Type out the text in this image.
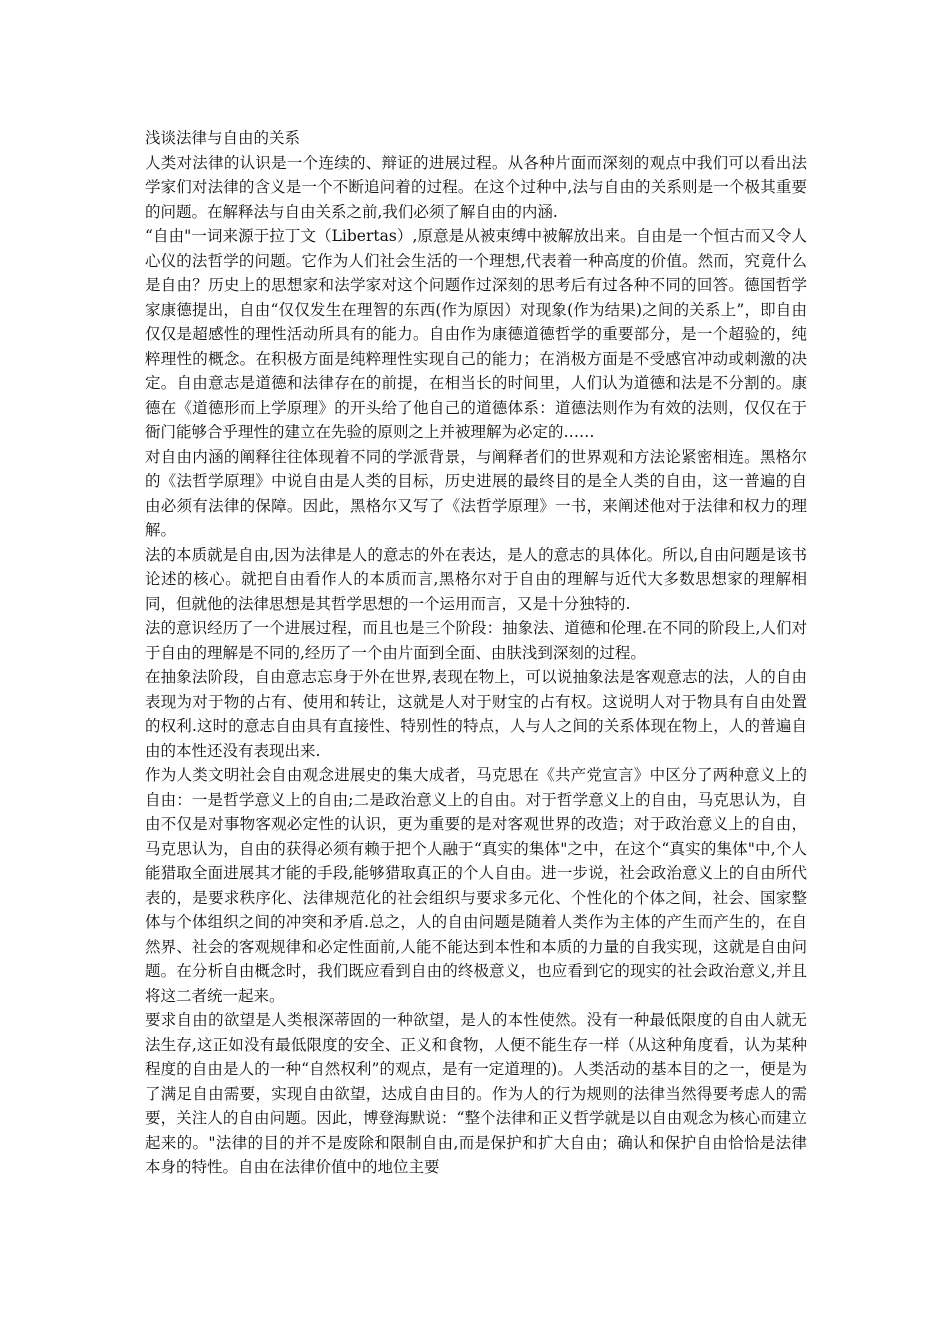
浅谈法律与自由的关系

人类对法律的认识是一个连续的、辩证的进展过程。从各种片面而深刻的观点中我们可以看出法学家们对法律的含义是一个不断追问着的过程。在这个过种中,法与自由的关系则是一个极其重要的问题。在解释法与自由关系之前,我们必须了解自由的内涵.

“自由"一词来源于拉丁文（Libertas）,原意是从被束缚中被解放出来。自由是一个恒古而又令人心仪的法哲学的问题。它作为人们社会生活的一个理想,代表着一种高度的价值。然而，究竟什么是自由？历史上的思想家和法学家对这个问题作过深刻的思考后有过各种不同的回答。德国哲学家康德提出，自由“仅仅发生在理智的东西(作为原因）对现象(作为结果)之间的关系上”，即自由仅仅是超感性的理性活动所具有的能力。自由作为康德道德哲学的重要部分，是一个超验的，纯粹理性的概念。在积极方面是纯粹理性实现自己的能力；在消极方面是不受感官冲动或刺激的决定。自由意志是道德和法律存在的前提，在相当长的时间里，人们认为道德和法是不分割的。康德在《道德形而上学原理》的开头给了他自己的道德体系：道德法则作为有效的法则，仅仅在于衙门能够合乎理性的建立在先验的原则之上并被理解为必定的……

对自由内涵的阐释往往体现着不同的学派背景，与阐释者们的世界观和方法论紧密相连。黑格尔的《法哲学原理》中说自由是人类的目标，历史进展的最终目的是全人类的自由，这一普遍的自由必须有法律的保障。因此，黑格尔又写了《法哲学原理》一书，来阐述他对于法律和权力的理解。

法的本质就是自由,因为法律是人的意志的外在表达，是人的意志的具体化。所以,自由问题是该书论述的核心。就把自由看作人的本质而言,黑格尔对于自由的理解与近代大多数思想家的理解相同，但就他的法律思想是其哲学思想的一个运用而言，又是十分独特的.

法的意识经历了一个进展过程，而且也是三个阶段：抽象法、道德和伦理.在不同的阶段上,人们对于自由的理解是不同的,经历了一个由片面到全面、由肤浅到深刻的过程。

在抽象法阶段，自由意志忘身于外在世界,表现在物上，可以说抽象法是客观意志的法，人的自由表现为对于物的占有、使用和转让，这就是人对于财宝的占有权。这说明人对于物具有自由处置的权利.这时的意志自由具有直接性、特别性的特点，人与人之间的关系体现在物上，人的普遍自由的本性还没有表现出来.

作为人类文明社会自由观念进展史的集大成者，马克思在《共产党宣言》中区分了两种意义上的自由：一是哲学意义上的自由;二是政治意义上的自由。对于哲学意义上的自由，马克思认为，自由不仅是对事物客观必定性的认识，更为重要的是对客观世界的改造；对于政治意义上的自由，马克思认为，自由的获得必须有赖于把个人融于“真实的集体"之中，在这个“真实的集体"中,个人能猎取全面进展其才能的手段,能够猎取真正的个人自由。进一步说，社会政治意义上的自由所代表的，是要求秩序化、法律规范化的社会组织与要求多元化、个性化的个体之间，社会、国家整体与个体组织之间的冲突和矛盾.总之，人的自由问题是随着人类作为主体的产生而产生的，在自然界、社会的客观规律和必定性面前,人能不能达到本性和本质的力量的自我实现，这就是自由问题。在分析自由概念时，我们既应看到自由的终极意义，也应看到它的现实的社会政治意义,并且将这二者统一起来。

要求自由的欲望是人类根深蒂固的一种欲望，是人的本性使然。没有一种最低限度的自由人就无法生存,这正如没有最低限度的安全、正义和食物，人便不能生存一样（从这种角度看，认为某种程度的自由是人的一种“自然权利”的观点，是有一定道理的)。人类活动的基本目的之一，便是为了满足自由需要，实现自由欲望，达成自由目的。作为人的行为规则的法律当然得要考虑人的需要，关注人的自由问题。因此，博登海默说：“整个法律和正义哲学就是以自由观念为核心而建立起来的。"法律的目的并不是废除和限制自由,而是保护和扩大自由；确认和保护自由恰恰是法律本身的特性。自由在法律价值中的地位主要
